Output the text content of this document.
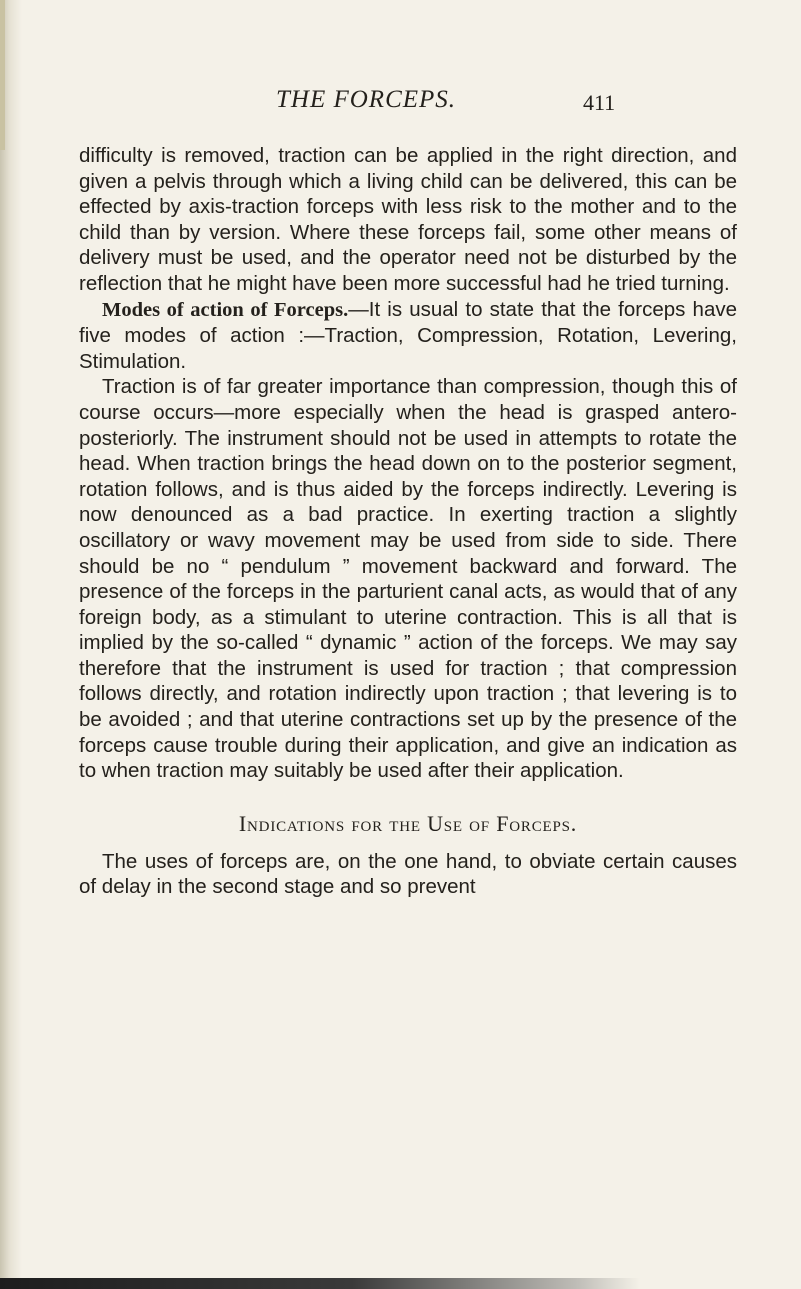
THE FORCEPS.	411

difficulty is removed, traction can be applied in the right direction, and given a pelvis through which a living child can be delivered, this can be effected by axis-traction forceps with less risk to the mother and to the child than by version. Where these forceps fail, some other means of delivery must be used, and the operator need not be disturbed by the reflection that he might have been more successful had he tried turning.

Modes of action of Forceps.—It is usual to state that the forceps have five modes of action :—Traction, Compression, Rotation, Levering, Stimulation.

Traction is of far greater importance than compression, though this of course occurs—more especially when the head is grasped antero-posteriorly. The instrument should not be used in attempts to rotate the head. When traction brings the head down on to the posterior segment, rotation follows, and is thus aided by the forceps indirectly. Levering is now denounced as a bad practice. In exerting traction a slightly oscillatory or wavy movement may be used from side to side. There should be no “ pendulum ” movement backward and forward. The presence of the forceps in the parturient canal acts, as would that of any foreign body, as a stimulant to uterine contraction. This is all that is implied by the so-called “ dynamic ” action of the forceps. We may say therefore that the instrument is used for traction ; that compression follows directly, and rotation indirectly upon traction ; that levering is to be avoided ; and that uterine contractions set up by the presence of the forceps cause trouble during their application, and give an indication as to when traction may suitably be used after their application.

Indications for the Use of Forceps.

The uses of forceps are, on the one hand, to obviate certain causes of delay in the second stage and so prevent
